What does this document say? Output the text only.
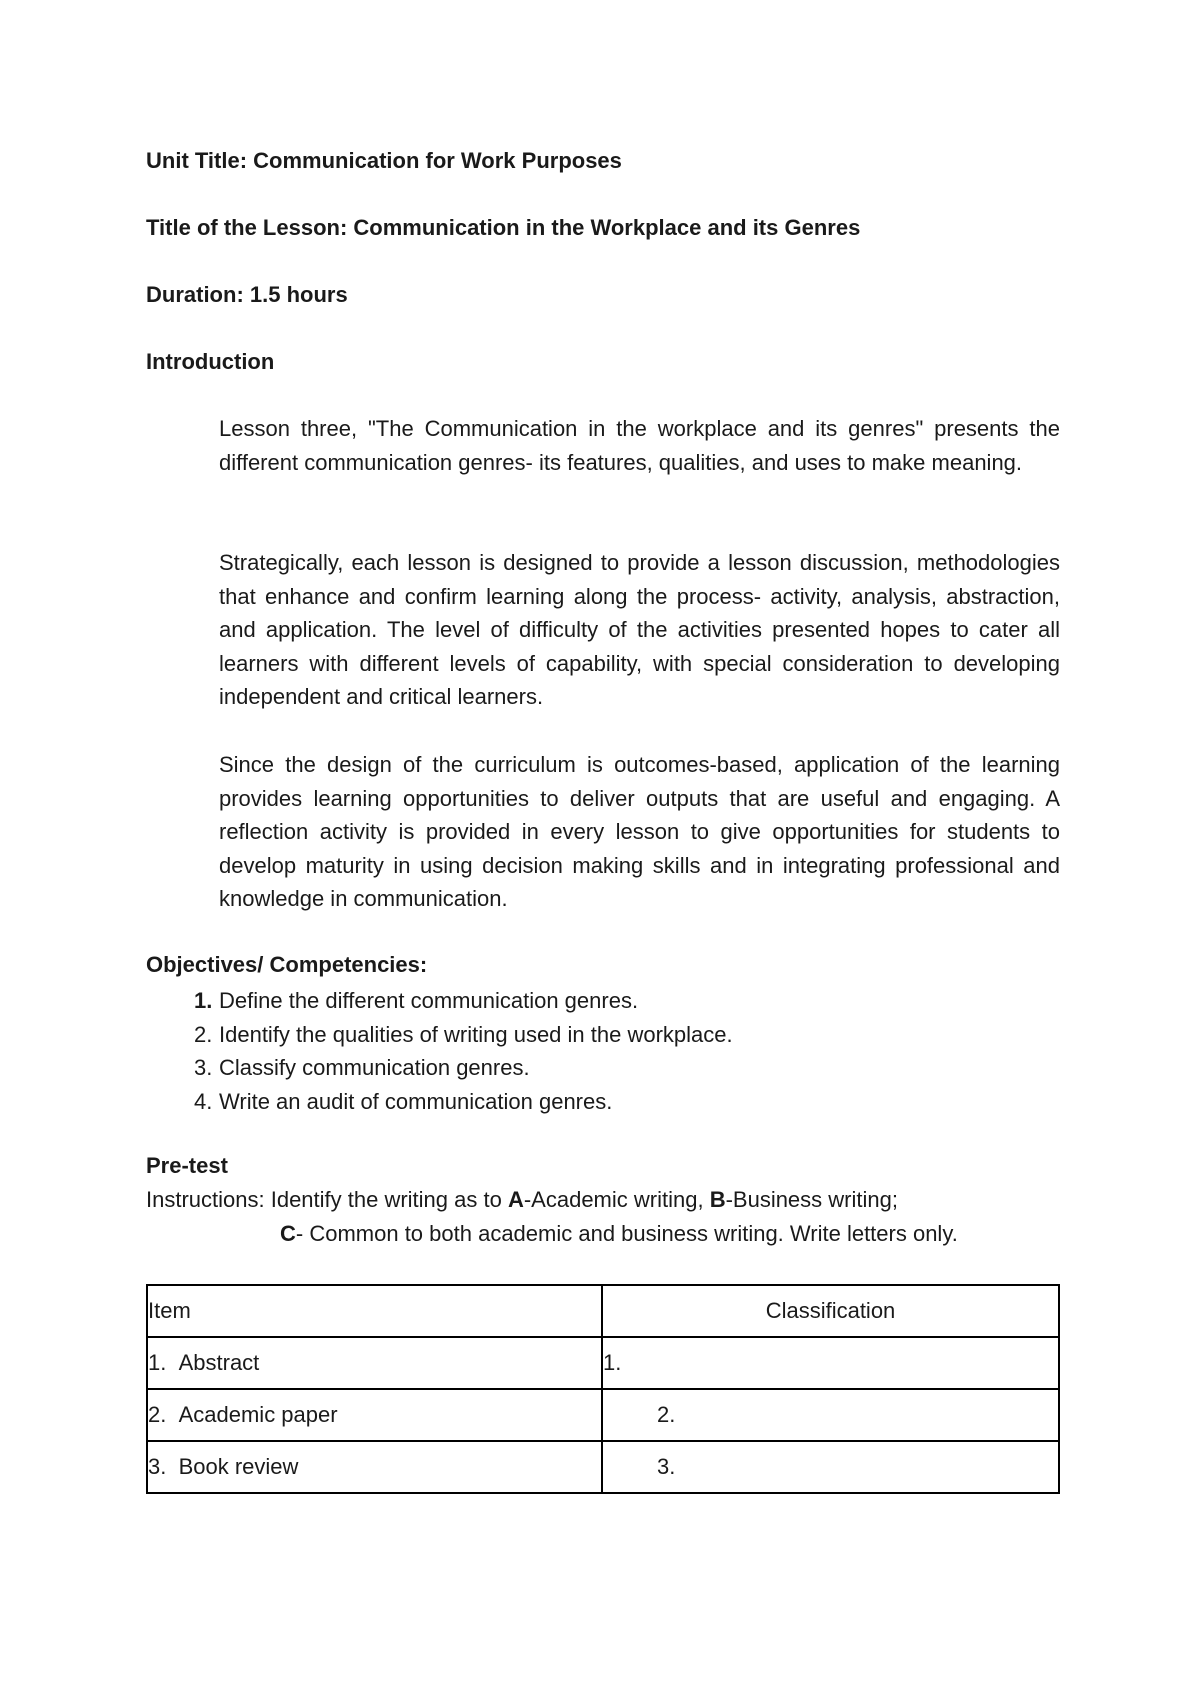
Unit Title: Communication for Work Purposes
Title of the Lesson: Communication in the Workplace and its Genres
Duration: 1.5 hours
Introduction

Lesson three, "The Communication in the workplace and its genres" presents the different communication genres- its features, qualities, and uses to make meaning.

Strategically, each lesson is designed to provide a lesson discussion, methodologies that enhance and confirm learning along the process- activity, analysis, abstraction, and application. The level of difficulty of the activities presented hopes to cater all learners with different levels of capability, with special consideration to developing independent and critical learners.

Since the design of the curriculum is outcomes-based, application of the learning provides learning opportunities to deliver outputs that are useful and engaging. A reflection activity is provided in every lesson to give opportunities for students to develop maturity in using decision making skills and in integrating professional and knowledge in communication.

Objectives/ Competencies:
1. Define the different communication genres.
2. Identify the qualities of writing used in the workplace.
3. Classify communication genres.
4. Write an audit of communication genres.
Pre-test
Instructions: Identify the writing as to A-Academic writing, B-Business writing;
C- Common to both academic and business writing. Write letters only.
Item	Classification
1. Abstract	1.
2. Academic paper	2.
3. Book review	3.
